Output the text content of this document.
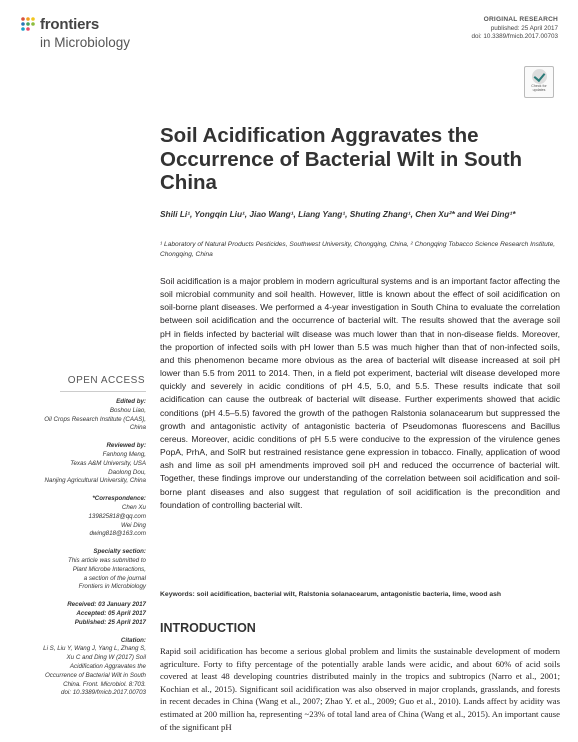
frontiers
in Microbiology
ORIGINAL RESEARCH
published: 25 April 2017
doi: 10.3389/fmicb.2017.00703
Check for
updates
Soil Acidification Aggravates the Occurrence of Bacterial Wilt in South China
Shili Li¹, Yongqin Liu¹, Jiao Wang¹, Liang Yang¹, Shuting Zhang¹, Chen Xu²* and Wei Ding¹*
¹ Laboratory of Natural Products Pesticides, Southwest University, Chongqing, China, ² Chongqing Tobacco Science Research Institute, Chongqing, China

Soil acidification is a major problem in modern agricultural systems and is an important factor affecting the soil microbial community and soil health. However, little is known about the effect of soil acidification on soil-borne plant diseases. We performed a 4-year investigation in South China to evaluate the correlation between soil acidification and the occurrence of bacterial wilt. The results showed that the average soil pH in fields infected by bacterial wilt disease was much lower than that in non-disease fields. Moreover, the proportion of infected soils with pH lower than 5.5 was much higher than that of non-infected soils, and this phenomenon became more obvious as the area of bacterial wilt disease increased at soil pH lower than 5.5 from 2011 to 2014. Then, in a field pot experiment, bacterial wilt disease developed more quickly and severely in acidic conditions of pH 4.5, 5.0, and 5.5. These results indicate that soil acidification can cause the outbreak of bacterial wilt disease. Further experiments showed that acidic conditions (pH 4.5–5.5) favored the growth of the pathogen Ralstonia solanacearum but suppressed the growth and antagonistic activity of antagonistic bacteria of Pseudomonas fluorescens and Bacillus cereus. Moreover, acidic conditions of pH 5.5 were conducive to the expression of the virulence genes PopA, PrhA, and SolR but restrained resistance gene expression in tobacco. Finally, application of wood ash and lime as soil pH amendments improved soil pH and reduced the occurrence of bacterial wilt. Together, these findings improve our understanding of the correlation between soil acidification and soil-borne plant diseases and also suggest that regulation of soil acidification is the precondition and foundation of controlling bacterial wilt.

Keywords: soil acidification, bacterial wilt, Ralstonia solanacearum, antagonistic bacteria, lime, wood ash
INTRODUCTION

Rapid soil acidification has become a serious global problem and limits the sustainable development of modern agriculture. Forty to fifty percentage of the potentially arable lands were acidic, and about 60% of acid soils covered at least 48 developing countries distributed mainly in the tropics and subtropics (Narro et al., 2001; Kochian et al., 2015). Significant soil acidification was also observed in major croplands, grasslands, and forests in recent decades in China (Wang et al., 2007; Zhao Y. et al., 2009; Guo et al., 2010). Lands affect by acidity was estimated at 200 million ha, representing ~23% of total land area of China (Wang et al., 2015). An important cause of the significant pH

OPEN ACCESS
Edited by:
Boshou Liao,
Oil Crops Research Institute (CAAS),
China
Reviewed by:
Fanhong Meng,
Texas A&M University, USA
Daolong Dou,
Nanjing Agricultural University, China
*Correspondence:
Chen Xu
139825818@qq.com
Wei Ding
dwing818@163.com
Specialty section:
This article was submitted to
Plant Microbe Interactions,
a section of the journal
Frontiers in Microbiology
Received: 03 January 2017
Accepted: 05 April 2017
Published: 25 April 2017
Citation:
Li S, Liu Y, Wang J, Yang L, Zhang S,
Xu C and Ding W (2017) Soil
Acidification Aggravates the
Occurrence of Bacterial Wilt in South
China. Front. Microbiol. 8:703.
doi: 10.3389/fmicb.2017.00703
